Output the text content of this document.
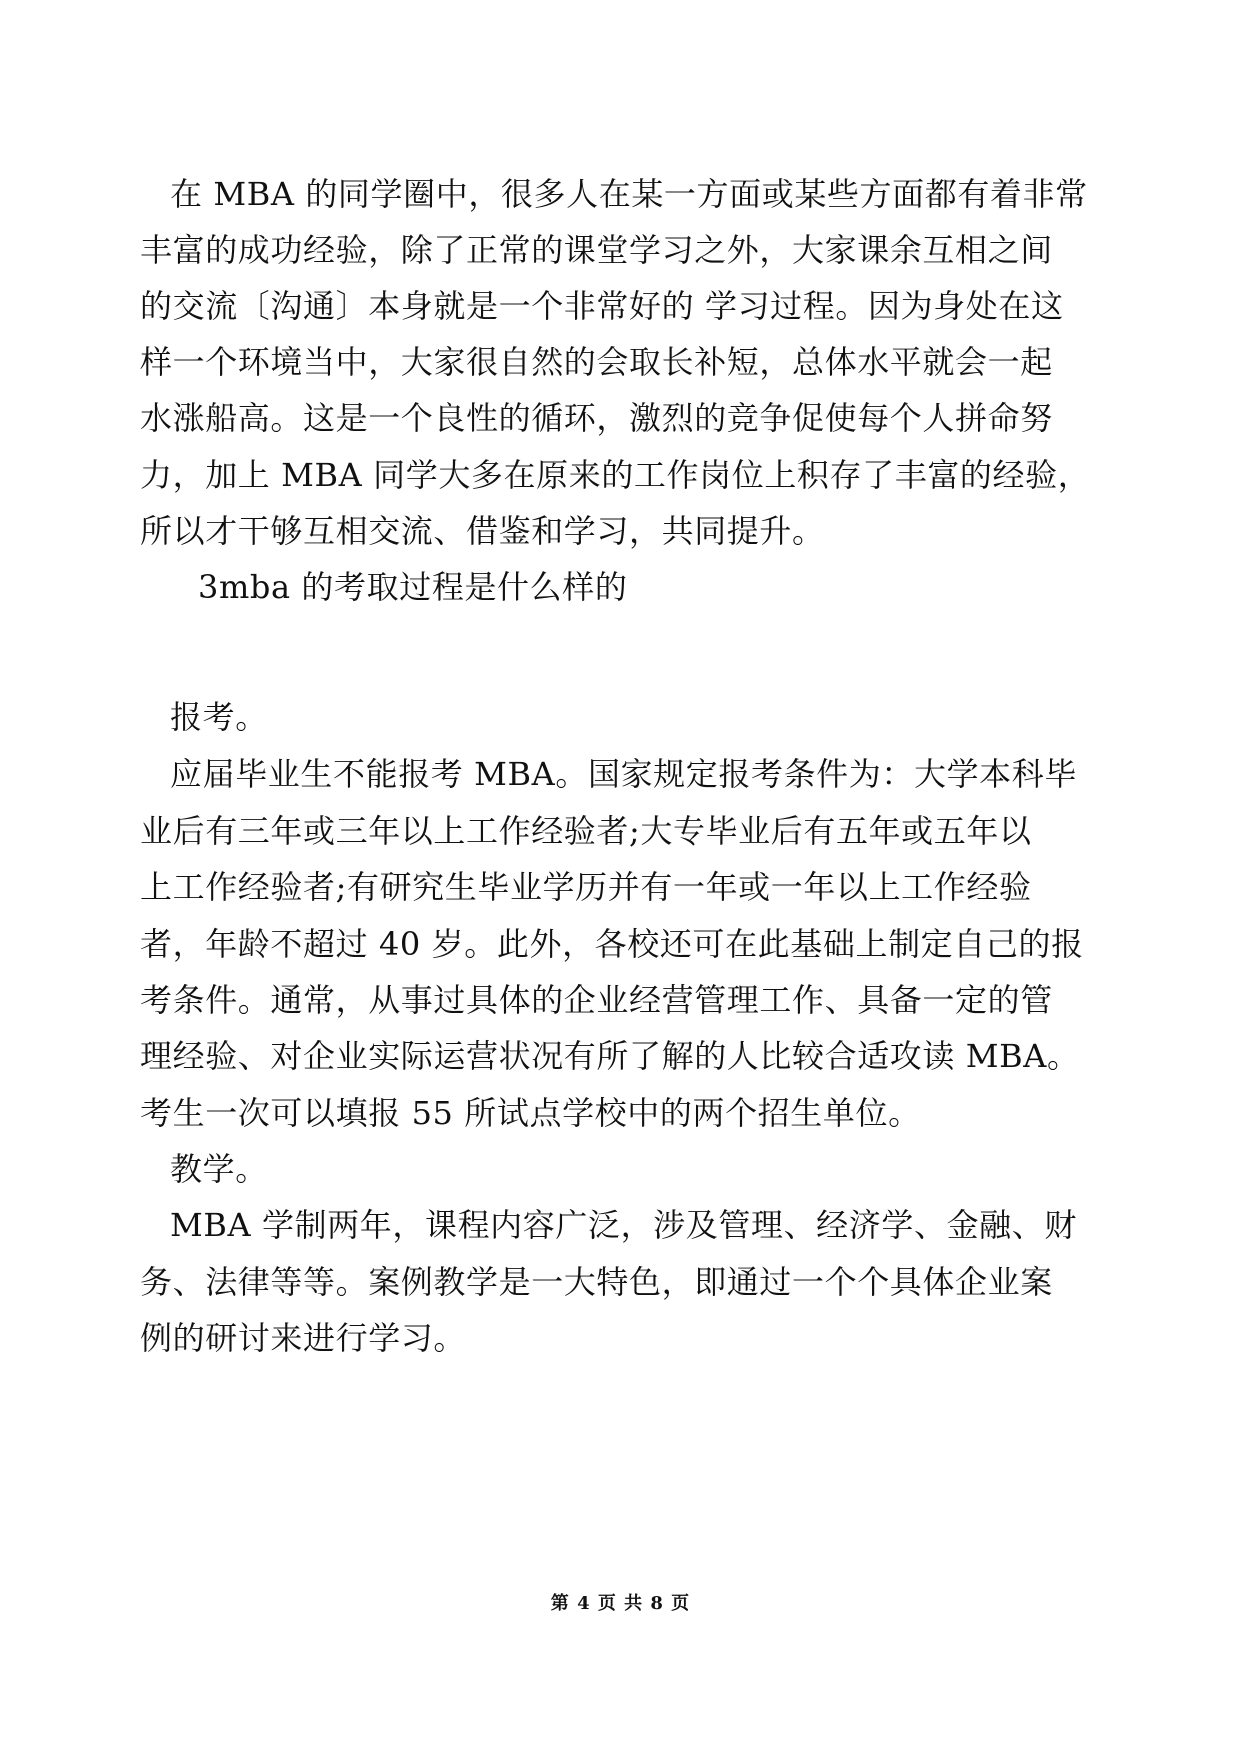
在 MBA 的同学圈中，很多人在某一方面或某些方面都有着非常

丰富的成功经验，除了正常的课堂学习之外，大家课余互相之间

的交流〔沟通〕本身就是一个非常好的 学习过程。因为身处在这

样一个环境当中，大家很自然的会取长补短，总体水平就会一起

水涨船高。这是一个良性的循环，激烈的竞争促使每个人拼命努

力，加上 MBA 同学大多在原来的工作岗位上积存了丰富的经验，

所以才干够互相交流、借鉴和学习，共同提升。

3mba 的考取过程是什么样的

报考。

应届毕业生不能报考 MBA。国家规定报考条件为：大学本科毕

业后有三年或三年以上工作经验者;大专毕业后有五年或五年以

上工作经验者;有研究生毕业学历并有一年或一年以上工作经验

者，年龄不超过 40 岁。此外，各校还可在此基础上制定自己的报

考条件。通常，从事过具体的企业经营管理工作、具备一定的管

理经验、对企业实际运营状况有所了解的人比较合适攻读 MBA。

考生一次可以填报 55 所试点学校中的两个招生单位。

教学。

MBA 学制两年，课程内容广泛，涉及管理、经济学、金融、财

务、法律等等。案例教学是一大特色，即通过一个个具体企业案

例的研讨来进行学习。

第 4 页 共 8 页
